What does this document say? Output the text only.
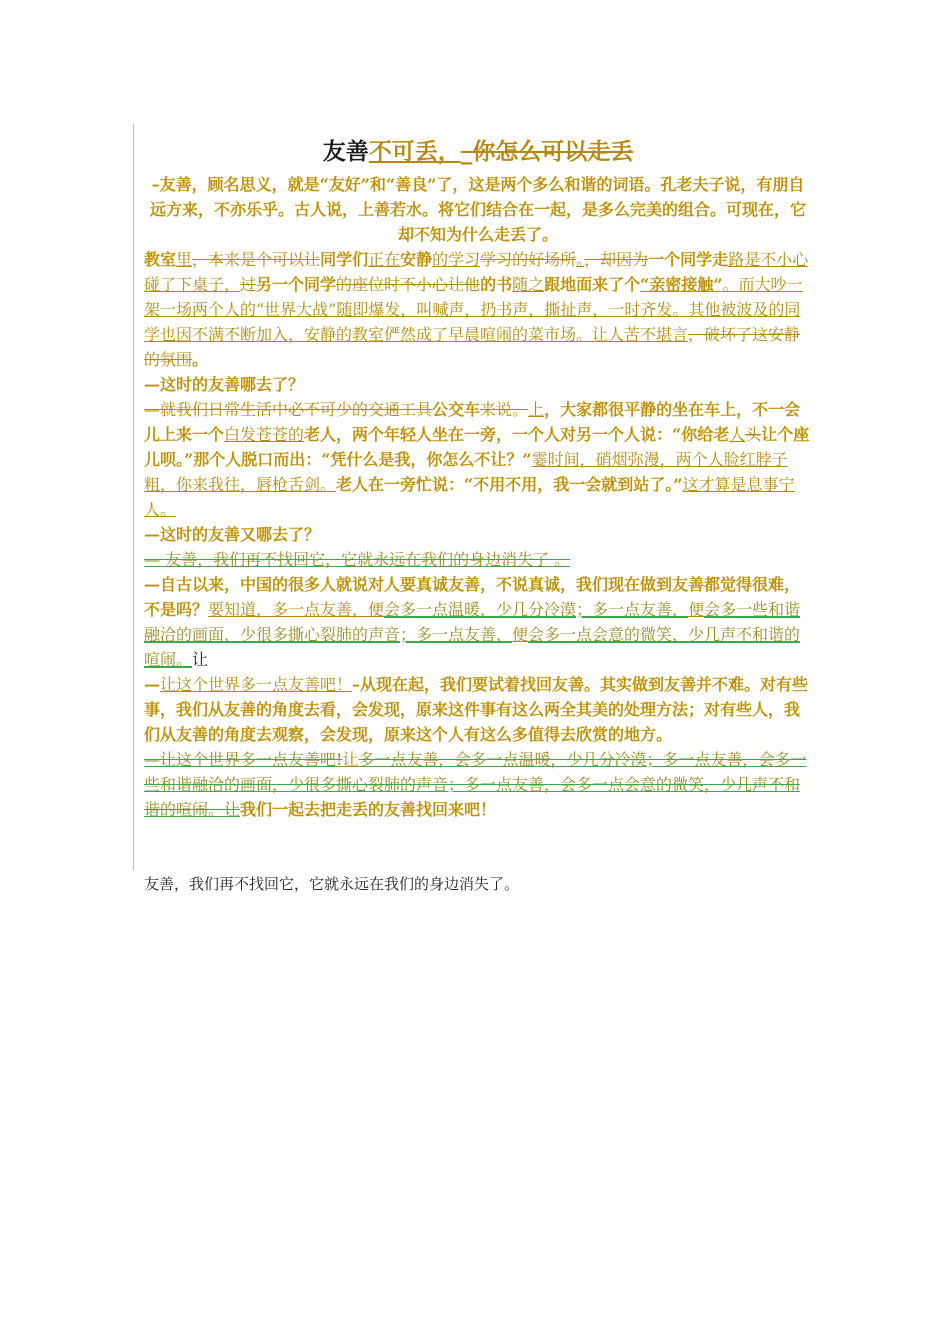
友善不可丢，_你怎么可以走丢

–友善，顾名思义，就是“友好”和“善良”了，这是两个多么和谐的词语。孔老夫子说，有朋自远方来，不亦乐乎。古人说，上善若水。将它们结合在一起，是多么完美的组合。可现在，它却不知为什么走丢了。

教室里，本来是个可以让同学们正在安静的学习学习的好场所。，却因为一个同学走路是不小心碰了下桌子，过另一个同学的座位时不小心让他的书随之跟地面来了个“亲密接触”。而大吵一架一场两个人的“世界大战”随即爆发，叫喊声，扔书声，撕扯声，一时齐发。其他被波及的同学也因不满不断加入，安静的教室俨然成了早晨喧闹的菜市场。让人苦不堪言，破坏了这安静的氛围。

—这时的友善哪去了？

—就我们日常生活中必不可少的交通工具公交车来说。上，大家都很平静的坐在车上，不一会儿上来一个白发苍苍的老人，两个年轻人坐在一旁，一个人对另一个人说：“你给老人头让个座儿呗。”那个人脱口而出：“凭什么是我，你怎么不让？”霎时间，硝烟弥漫，两个人脸红脖子粗，你来我往，唇枪舌剑。老人在一旁忙说：“不用不用，我一会就到站了。”这才算是息事宁人。

—这时的友善又哪去了？

— 友善，我们再不找回它，它就永远在我们的身边消失了 。

—自古以来，中国的很多人就说对人要真诚友善，不说真诚，我们现在做到友善都觉得很难，不是吗？要知道，多一点友善，便会多一点温暖，少几分冷漠；多一点友善，便会多一些和谐融洽的画面，少很多撕心裂肺的声音；多一点友善，便会多一点会意的微笑，少几声不和谐的喧闹。让

—让这个世界多一点友善吧！–从现在起，我们要试着找回友善。其实做到友善并不难。对有些事，我们从友善的角度去看，会发现，原来这件事有这么两全其美的处理方法；对有些人，我们从友善的角度去观察，会发现，原来这个人有这么多值得去欣赏的地方。

—让这个世界多一点友善吧!让多一点友善，会多一点温暖，少几分冷漠；多一点友善，会多一些和谐融洽的画面，少很多撕心裂肺的声音；多一点友善，会多一点会意的微笑，少几声不和谐的喧闹。让我们一起去把走丢的友善找回来吧！

友善，我们再不找回它，它就永远在我们的身边消失了。
